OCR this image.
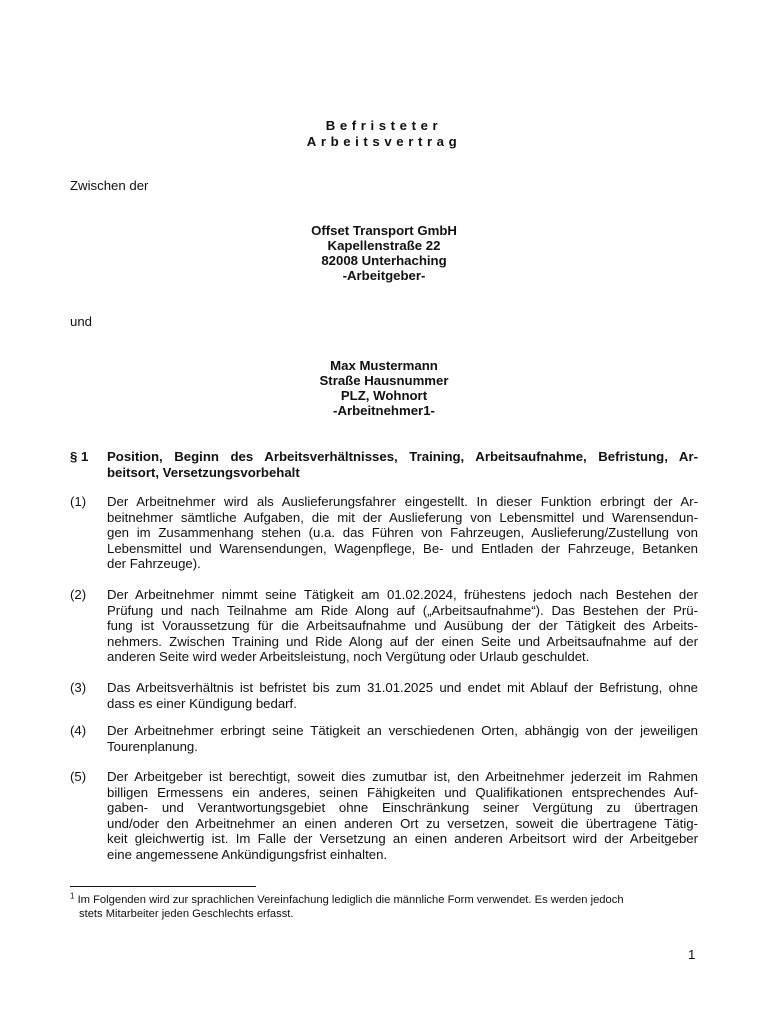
Befristeter
Arbeitsvertrag
Zwischen der
Offset Transport GmbH
Kapellenstraße 22
82008 Unterhaching
-Arbeitgeber-
und
Max Mustermann
Straße Hausnummer
PLZ, Wohnort
-Arbeitnehmer1-
§ 1 Position, Beginn des Arbeitsverhältnisses, Training, Arbeitsaufnahme, Befristung, Ar-
beitsort, Versetzungsvorbehalt
(1) Der Arbeitnehmer wird als Auslieferungsfahrer eingestellt. In dieser Funktion erbringt der Ar-
beitnehmer sämtliche Aufgaben, die mit der Auslieferung von Lebensmittel und Warensendun-
gen im Zusammenhang stehen (u.a. das Führen von Fahrzeugen, Auslieferung/Zustellung von
Lebensmittel und Warensendungen, Wagenpflege, Be- und Entladen der Fahrzeuge, Betanken
der Fahrzeuge).
(2) Der Arbeitnehmer nimmt seine Tätigkeit am 01.02.2024, frühestens jedoch nach Bestehen der
Prüfung und nach Teilnahme am Ride Along auf („Arbeitsaufnahme“). Das Bestehen der Prü-
fung ist Voraussetzung für die Arbeitsaufnahme und Ausübung der der Tätigkeit des Arbeits-
nehmers. Zwischen Training und Ride Along auf der einen Seite und Arbeitsaufnahme auf der
anderen Seite wird weder Arbeitsleistung, noch Vergütung oder Urlaub geschuldet.
(3) Das Arbeitsverhältnis ist befristet bis zum 31.01.2025 und endet mit Ablauf der Befristung, ohne
dass es einer Kündigung bedarf.
(4) Der Arbeitnehmer erbringt seine Tätigkeit an verschiedenen Orten, abhängig von der jeweiligen
Tourenplanung.
(5) Der Arbeitgeber ist berechtigt, soweit dies zumutbar ist, den Arbeitnehmer jederzeit im Rahmen
billigen Ermessens ein anderes, seinen Fähigkeiten und Qualifikationen entsprechendes Auf-
gaben- und Verantwortungsgebiet ohne Einschränkung seiner Vergütung zu übertragen
und/oder den Arbeitnehmer an einen anderen Ort zu versetzen, soweit die übertragene Tätig-
keit gleichwertig ist. Im Falle der Versetzung an einen anderen Arbeitsort wird der Arbeitgeber
eine angemessene Ankündigungsfrist einhalten.
$^1$ Im Folgenden wird zur sprachlichen Vereinfachung lediglich die männliche Form verwendet. Es werden jedoch
stets Mitarbeiter jeden Geschlechts erfasst.
1
